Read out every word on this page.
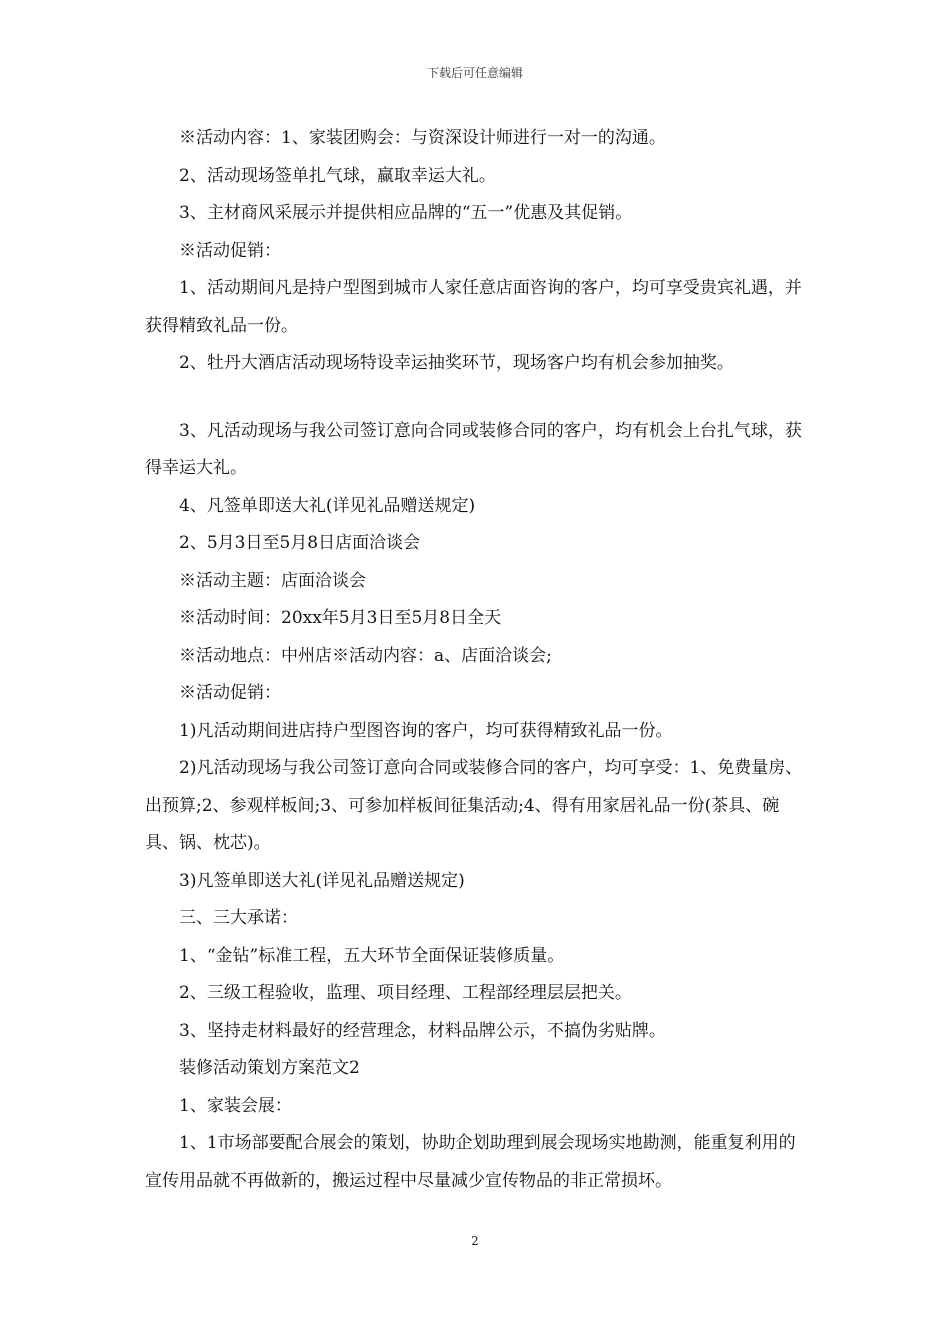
下载后可任意编辑

※活动内容：1、家装团购会：与资深设计师进行一对一的沟通。

2、活动现场签单扎气球，赢取幸运大礼。

3、主材商风采展示并提供相应品牌的“五一”优惠及其促销。

※活动促销：

1、活动期间凡是持户型图到城市人家任意店面咨询的客户，均可享受贵宾礼遇，并获得精致礼品一份。

2、牡丹大酒店活动现场特设幸运抽奖环节，现场客户均有机会参加抽奖。

3、凡活动现场与我公司签订意向合同或装修合同的客户，均有机会上台扎气球，获得幸运大礼。

4、凡签单即送大礼(详见礼品赠送规定)

2、5月3日至5月8日店面洽谈会

※活动主题：店面洽谈会

※活动时间：20xx年5月3日至5月8日全天

※活动地点：中州店※活动内容：a、店面洽谈会;

※活动促销：

1)凡活动期间进店持户型图咨询的客户，均可获得精致礼品一份。

2)凡活动现场与我公司签订意向合同或装修合同的客户，均可享受：1、免费量房、出预算;2、参观样板间;3、可参加样板间征集活动;4、得有用家居礼品一份(茶具、碗具、锅、枕芯)。

3)凡签单即送大礼(详见礼品赠送规定)

三、三大承诺：

1、“金钻”标准工程，五大环节全面保证装修质量。

2、三级工程验收，监理、项目经理、工程部经理层层把关。

3、坚持走材料最好的经营理念，材料品牌公示，不搞伪劣贴牌。

装修活动策划方案范文2

1、家装会展：

1、1市场部要配合展会的策划，协助企划助理到展会现场实地勘测，能重复利用的宣传用品就不再做新的，搬运过程中尽量减少宣传物品的非正常损坏。

2
